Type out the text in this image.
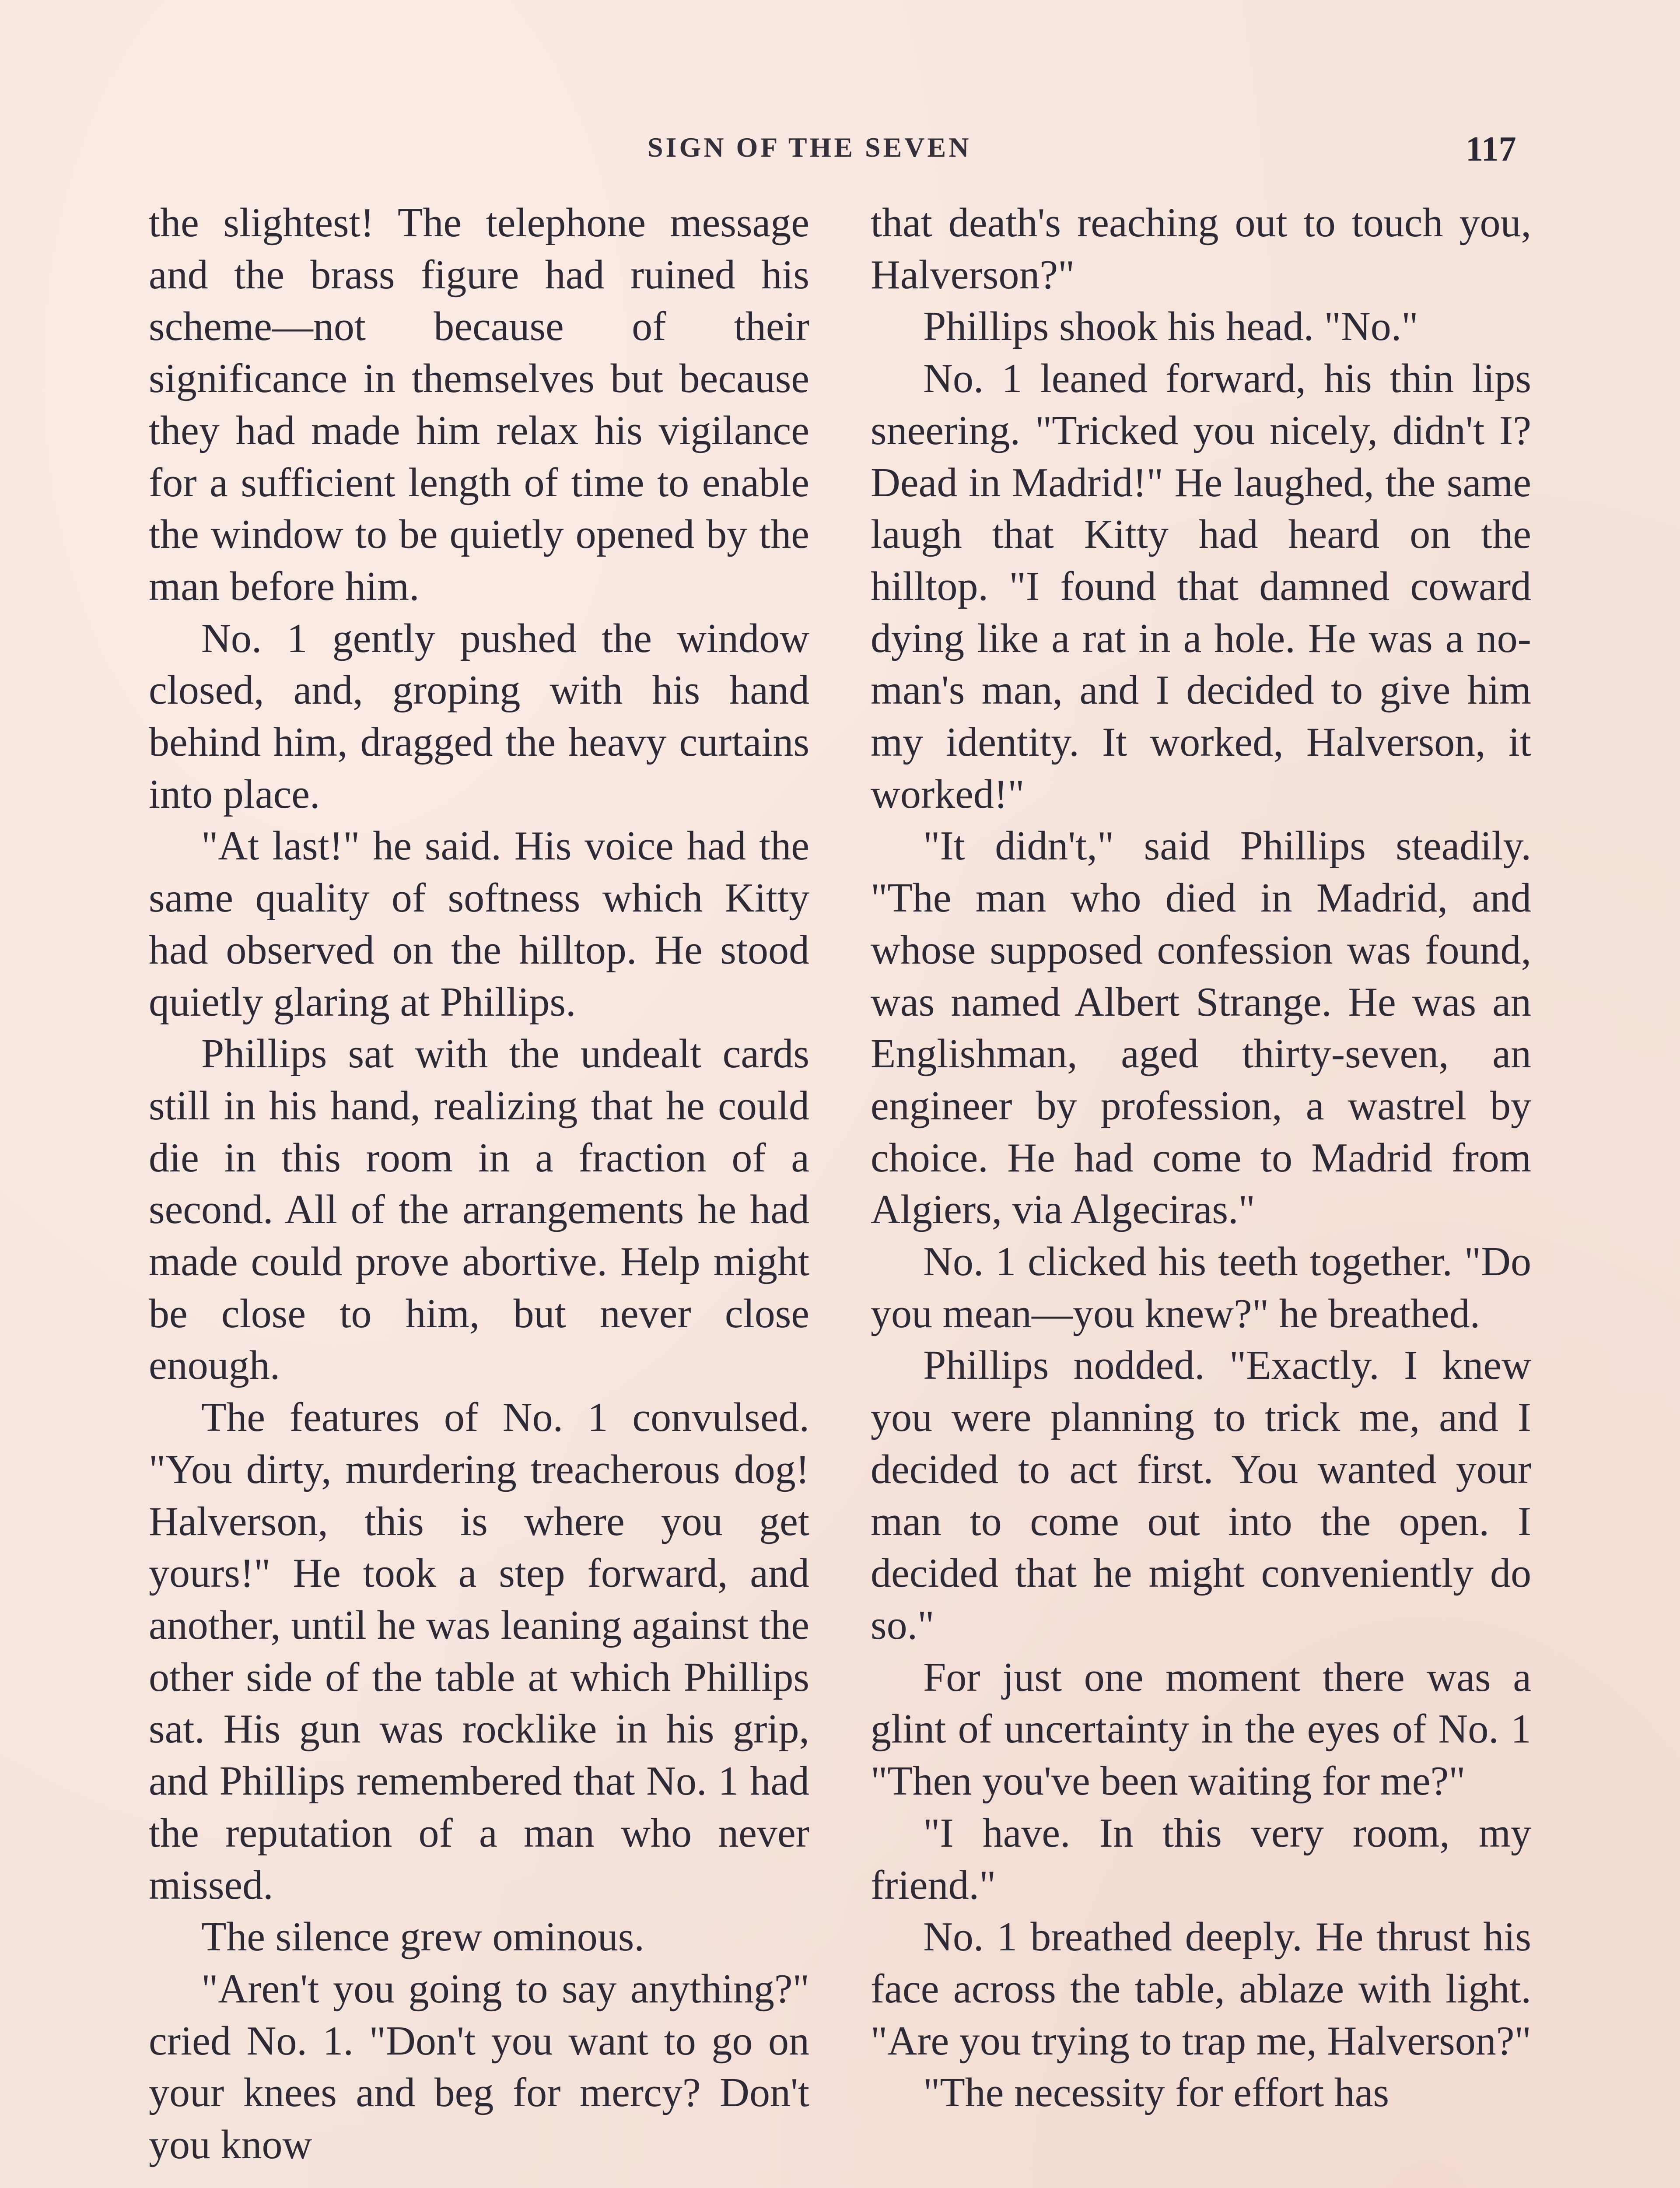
SIGN OF THE SEVEN	117

the slightest! The telephone message and the brass figure had ruined his scheme—not because of their significance in themselves but because they had made him relax his vigilance for a sufficient length of time to enable the window to be quietly opened by the man before him.

No. 1 gently pushed the window closed, and, groping with his hand behind him, dragged the heavy curtains into place.

"At last!" he said. His voice had the same quality of softness which Kitty had observed on the hilltop. He stood quietly glaring at Phillips.

Phillips sat with the undealt cards still in his hand, realizing that he could die in this room in a fraction of a second. All of the arrangements he had made could prove abortive. Help might be close to him, but never close enough.

The features of No. 1 convulsed. "You dirty, murdering treacherous dog! Halverson, this is where you get yours!" He took a step forward, and another, until he was leaning against the other side of the table at which Phillips sat. His gun was rocklike in his grip, and Phillips remembered that No. 1 had the reputation of a man who never missed.

The silence grew ominous.

"Aren't you going to say anything?" cried No. 1. "Don't you want to go on your knees and beg for mercy? Don't you know

that death's reaching out to touch you, Halverson?"

Phillips shook his head. "No."

No. 1 leaned forward, his thin lips sneering. "Tricked you nicely, didn't I? Dead in Madrid!" He laughed, the same laugh that Kitty had heard on the hilltop. "I found that damned coward dying like a rat in a hole. He was a no-man's man, and I decided to give him my identity. It worked, Halverson, it worked!"

"It didn't," said Phillips steadily. "The man who died in Madrid, and whose supposed confession was found, was named Albert Strange. He was an Englishman, aged thirty-seven, an engineer by profession, a wastrel by choice. He had come to Madrid from Algiers, via Algeciras."

No. 1 clicked his teeth together. "Do you mean—you knew?" he breathed.

Phillips nodded. "Exactly. I knew you were planning to trick me, and I decided to act first. You wanted your man to come out into the open. I decided that he might conveniently do so."

For just one moment there was a glint of uncertainty in the eyes of No. 1 "Then you've been waiting for me?"

"I have. In this very room, my friend."

No. 1 breathed deeply. He thrust his face across the table, ablaze with light. "Are you trying to trap me, Halverson?"

"The necessity for effort has
